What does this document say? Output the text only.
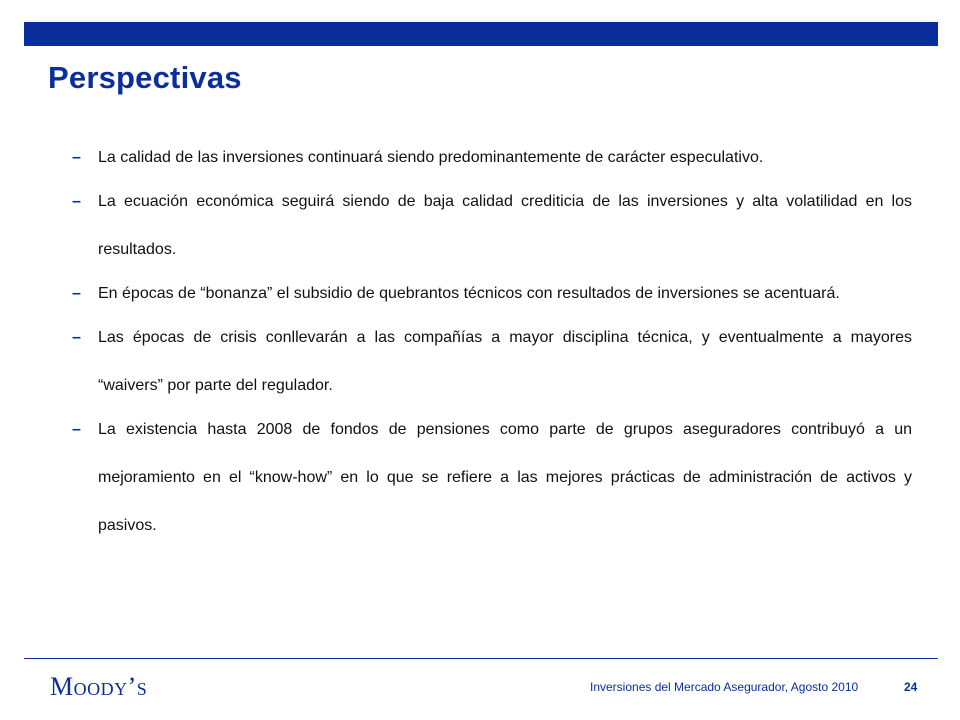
Perspectivas
– La calidad de las inversiones continuará siendo predominantemente de carácter especulativo.
– La ecuación económica seguirá siendo de baja calidad crediticia de las inversiones y alta volatilidad en los resultados.
– En épocas de “bonanza” el subsidio de quebrantos técnicos con resultados de inversiones se acentuará.
– Las épocas de crisis conllevarán a las compañías a mayor disciplina técnica, y eventualmente a mayores “waivers” por parte del regulador.
– La existencia hasta 2008 de fondos de pensiones como parte de grupos aseguradores contribuyó a un mejoramiento en el “know-how” en lo que se refiere a las mejores prácticas de administración de activos y pasivos.
Moody’s	Inversiones del Mercado Asegurador, Agosto 2010	24
